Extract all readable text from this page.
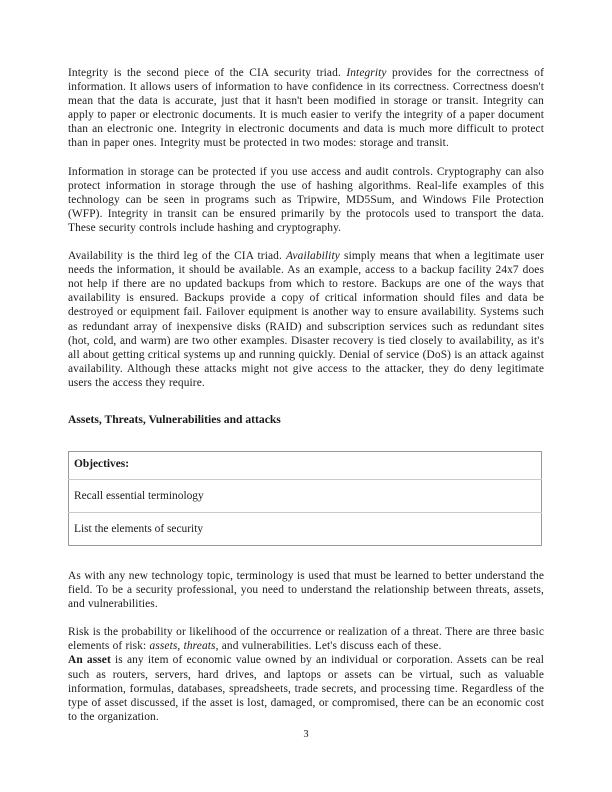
Integrity is the second piece of the CIA security triad. Integrity provides for the correctness of information. It allows users of information to have confidence in its correctness. Correctness doesn't mean that the data is accurate, just that it hasn't been modified in storage or transit. Integrity can apply to paper or electronic documents. It is much easier to verify the integrity of a paper document than an electronic one. Integrity in electronic documents and data is much more difficult to protect than in paper ones. Integrity must be protected in two modes: storage and transit.

Information in storage can be protected if you use access and audit controls. Cryptography can also protect information in storage through the use of hashing algorithms. Real-life examples of this technology can be seen in programs such as Tripwire, MD5Sum, and Windows File Protection (WFP). Integrity in transit can be ensured primarily by the protocols used to transport the data. These security controls include hashing and cryptography.

Availability is the third leg of the CIA triad. Availability simply means that when a legitimate user needs the information, it should be available. As an example, access to a backup facility 24x7 does not help if there are no updated backups from which to restore. Backups are one of the ways that availability is ensured. Backups provide a copy of critical information should files and data be destroyed or equipment fail. Failover equipment is another way to ensure availability. Systems such as redundant array of inexpensive disks (RAID) and subscription services such as redundant sites (hot, cold, and warm) are two other examples. Disaster recovery is tied closely to availability, as it's all about getting critical systems up and running quickly. Denial of service (DoS) is an attack against availability. Although these attacks might not give access to the attacker, they do deny legitimate users the access they require.

Assets, Threats, Vulnerabilities and attacks
Objectives:

Recall essential terminology

List the elements of security

As with any new technology topic, terminology is used that must be learned to better understand the field. To be a security professional, you need to understand the relationship between threats, assets, and vulnerabilities.

Risk is the probability or likelihood of the occurrence or realization of a threat. There are three basic elements of risk: assets, threats, and vulnerabilities. Let's discuss each of these.

An asset is any item of economic value owned by an individual or corporation. Assets can be real such as routers, servers, hard drives, and laptops or assets can be virtual, such as valuable information, formulas, databases, spreadsheets, trade secrets, and processing time. Regardless of the type of asset discussed, if the asset is lost, damaged, or compromised, there can be an economic cost to the organization.

3
